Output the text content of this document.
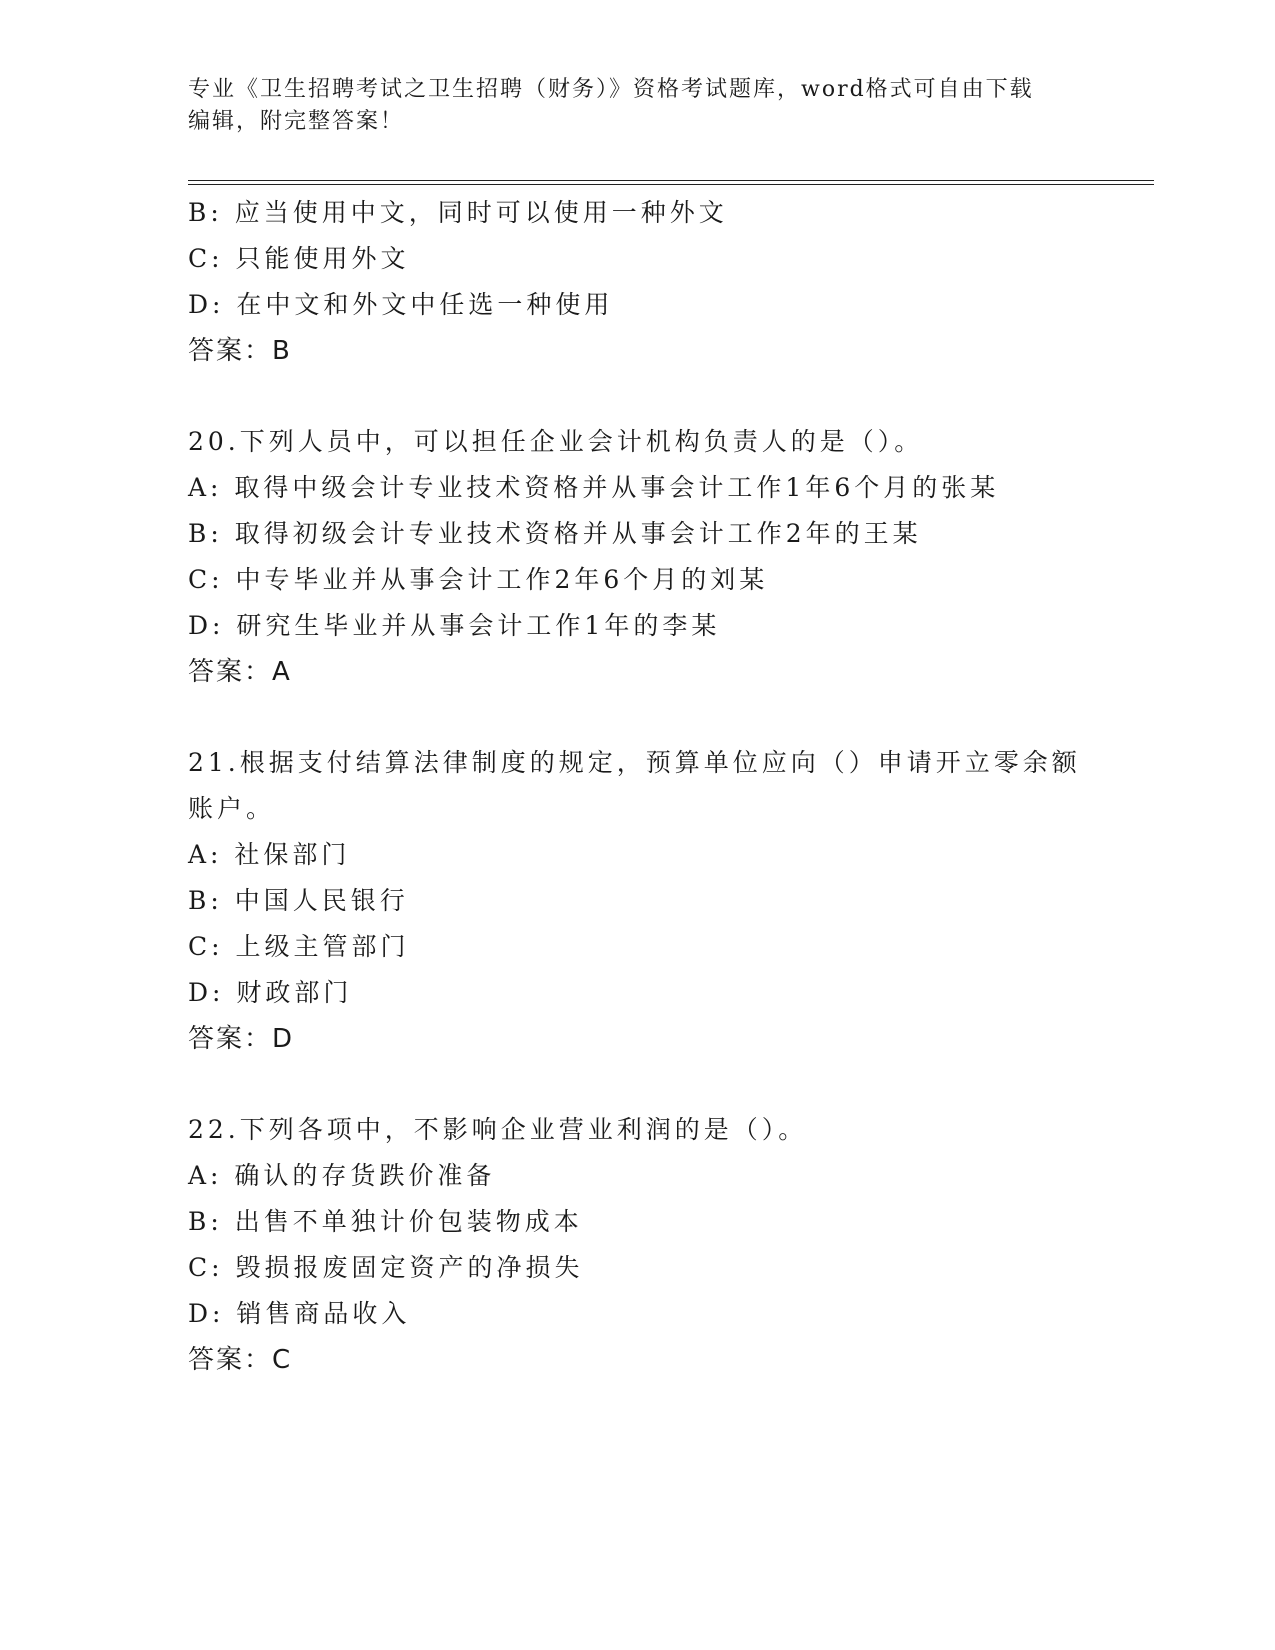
专业《卫生招聘考试之卫生招聘（财务）》资格考试题库，word格式可自由下载
编辑，附完整答案！
B: 应当使用中文，同时可以使用一种外文
C: 只能使用外文
D: 在中文和外文中任选一种使用
答案：B
20.下列人员中，可以担任企业会计机构负责人的是（）。
A: 取得中级会计专业技术资格并从事会计工作1年6个月的张某
B: 取得初级会计专业技术资格并从事会计工作2年的王某
C: 中专毕业并从事会计工作2年6个月的刘某
D: 研究生毕业并从事会计工作1年的李某
答案：A
21.根据支付结算法律制度的规定，预算单位应向（）申请开立零余额
账户。
A: 社保部门
B: 中国人民银行
C: 上级主管部门
D: 财政部门
答案：D
22.下列各项中，不影响企业营业利润的是（）。
A: 确认的存货跌价准备
B: 出售不单独计价包装物成本
C: 毁损报废固定资产的净损失
D: 销售商品收入
答案：C
